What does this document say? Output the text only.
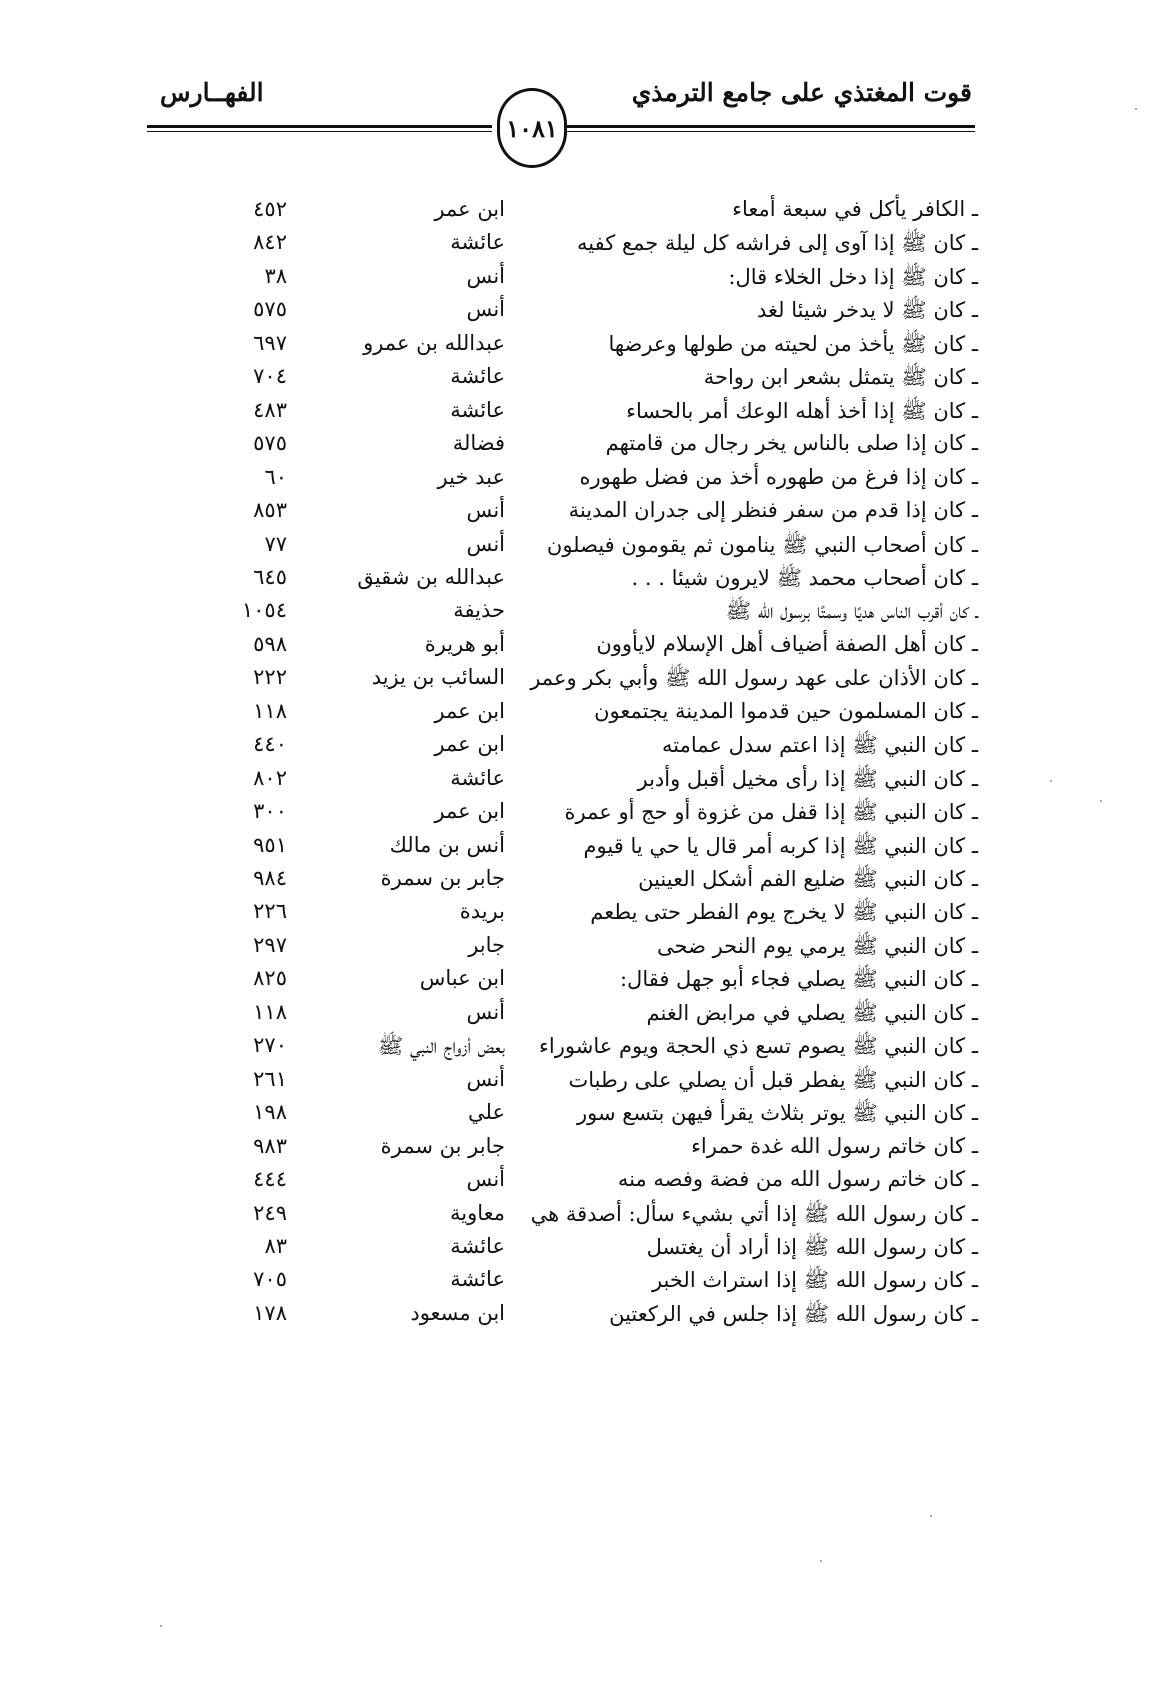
قوت المغتذي على جامع الترمذي
الفهــارس
١٠٨١
ـ الكافر يأكل في سبعة أمعاء
ابن عمر
٤٥٢
ـ كان ﷺ إذا آوى إلى فراشه كل ليلة جمع كفيه
عائشة
٨٤٢
ـ كان ﷺ إذا دخل الخلاء قال:
أنس
٣٨
ـ كان ﷺ لا يدخر شيئا لغد
أنس
٥٧٥
ـ كان ﷺ يأخذ من لحيته من طولها وعرضها
عبدالله بن عمرو
٦٩٧
ـ كان ﷺ يتمثل بشعر ابن رواحة
عائشة
٧٠٤
ـ كان ﷺ إذا أخذ أهله الوعك أمر بالحساء
عائشة
٤٨٣
ـ كان إذا صلى بالناس يخر رجال من قامتهم
فضالة
٥٧٥
ـ كان إذا فرغ من طهوره أخذ من فضل طهوره
عبد خير
٦٠
ـ كان إذا قدم من سفر فنظر إلى جدران المدينة
أنس
٨٥٣
ـ كان أصحاب النبي ﷺ ينامون ثم يقومون فيصلون
أنس
٧٧
ـ كان أصحاب محمد ﷺ لايرون شيئا . . .
عبدالله بن شقيق
٦٤٥
ـ كان أقرب الناس هديًا وسمتًا برسول الله ﷺ
حذيفة
١٠٥٤
ـ كان أهل الصفة أضياف أهل الإسلام لايأوون
أبو هريرة
٥٩٨
ـ كان الأذان على عهد رسول الله ﷺ وأبي بكر وعمر
السائب بن يزيد
٢٢٢
ـ كان المسلمون حين قدموا المدينة يجتمعون
ابن عمر
١١٨
ـ كان النبي ﷺ إذا اعتم سدل عمامته
ابن عمر
٤٤٠
ـ كان النبي ﷺ إذا رأى مخيل أقبل وأدبر
عائشة
٨٠٢
ـ كان النبي ﷺ إذا قفل من غزوة أو حج أو عمرة
ابن عمر
٣٠٠
ـ كان النبي ﷺ إذا كربه أمر قال يا حي يا قيوم
أنس بن مالك
٩٥١
ـ كان النبي ﷺ ضليع الفم أشكل العينين
جابر بن سمرة
٩٨٤
ـ كان النبي ﷺ لا يخرج يوم الفطر حتى يطعم
بريدة
٢٢٦
ـ كان النبي ﷺ يرمي يوم النحر ضحى
جابر
٢٩٧
ـ كان النبي ﷺ يصلي فجاء أبو جهل فقال:
ابن عباس
٨٢٥
ـ كان النبي ﷺ يصلي في مرابض الغنم
أنس
١١٨
ـ كان النبي ﷺ يصوم تسع ذي الحجة ويوم عاشوراء
بعض أزواج النبي ﷺ
٢٧٠
ـ كان النبي ﷺ يفطر قبل أن يصلي على رطبات
أنس
٢٦١
ـ كان النبي ﷺ يوتر بثلاث يقرأ فيهن بتسع سور
علي
١٩٨
ـ كان خاتم رسول الله غدة حمراء
جابر بن سمرة
٩٨٣
ـ كان خاتم رسول الله من فضة وفصه منه
أنس
٤٤٤
ـ كان رسول الله ﷺ إذا أتي بشيء سأل: أصدقة هي
معاوية
٢٤٩
ـ كان رسول الله ﷺ إذا أراد أن يغتسل
عائشة
٨٣
ـ كان رسول الله ﷺ إذا استراث الخبر
عائشة
٧٠٥
ـ كان رسول الله ﷺ إذا جلس في الركعتين
ابن مسعود
١٧٨
